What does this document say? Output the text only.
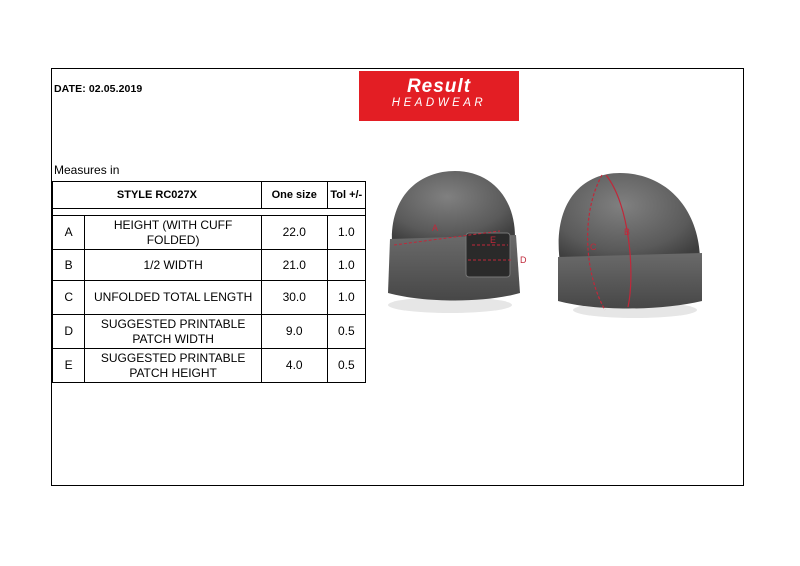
DATE: 02.05.2019	Result
HEADWEAR
Measures in
STYLE RC027X		One size	Tol +/-

A	HEIGHT (WITH CUFF FOLDED)	22.0	1.0
B	1/2 WIDTH	21.0	1.0
C	UNFOLDED TOTAL LENGTH	30.0	1.0
D	SUGGESTED PRINTABLE PATCH WIDTH	9.0	0.5
E	SUGGESTED PRINTABLE PATCH HEIGHT	4.0	0.5
A
E
D
C
B
